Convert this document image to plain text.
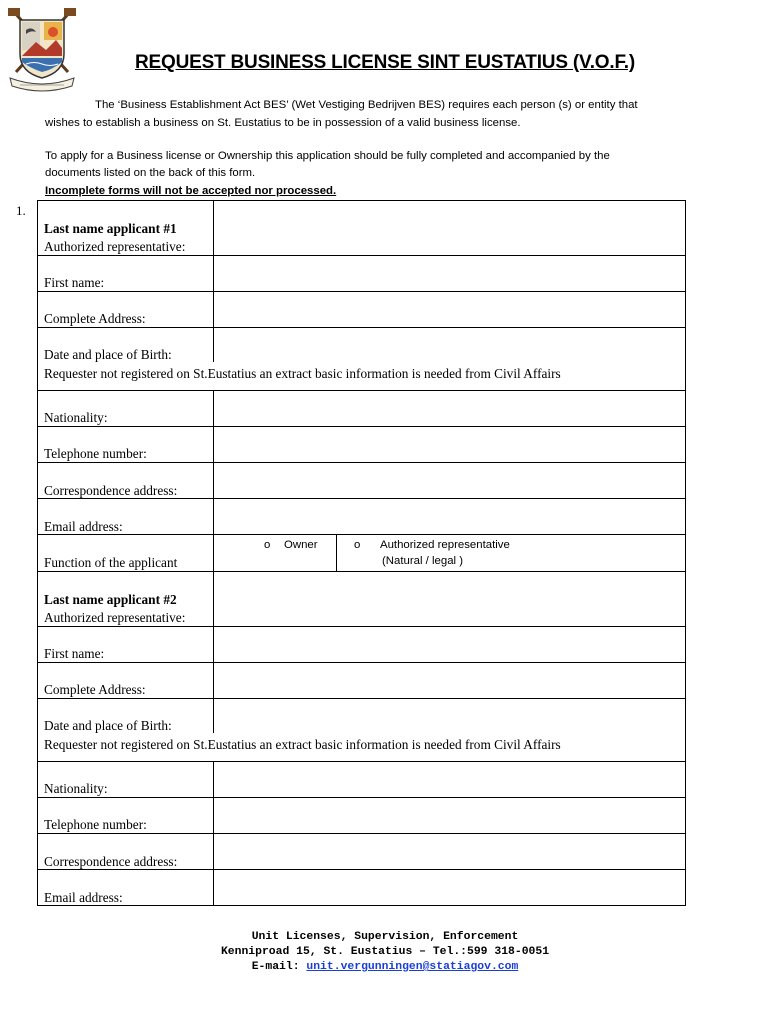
REQUEST BUSINESS LICENSE SINT EUSTATIUS (V.O.F.)

The ‘Business Establishment Act BES’ (Wet Vestiging Bedrijven BES) requires each person (s) or entity that

wishes to establish a business on St. Eustatius to be in possession of a valid business license.

To apply for a Business license or Ownership this application should be fully completed and accompanied by the

documents listed on the back of this form.

Incomplete forms will not be accepted nor processed.

1.
Last name applicant #1
Authorized representative:
First name:
Complete Address:
Date and place of Birth:
Requester not registered on St.Eustatius an extract basic information is needed from Civil Affairs
Nationality:
Telephone number:
Correspondence address:
Email address:
Function of the applicant
o Owner	o Authorized representative
(Natural / legal )
Last name applicant #2
Authorized representative:
First name:
Complete Address:
Date and place of Birth:
Requester not registered on St.Eustatius an extract basic information is needed from Civil Affairs
Nationality:
Telephone number:
Correspondence address:
Email address:
Unit Licenses, Supervision, Enforcement
Kenniproad 15, St. Eustatius – Tel.:599 318-0051
E-mail: unit.vergunningen@statiagov.com
